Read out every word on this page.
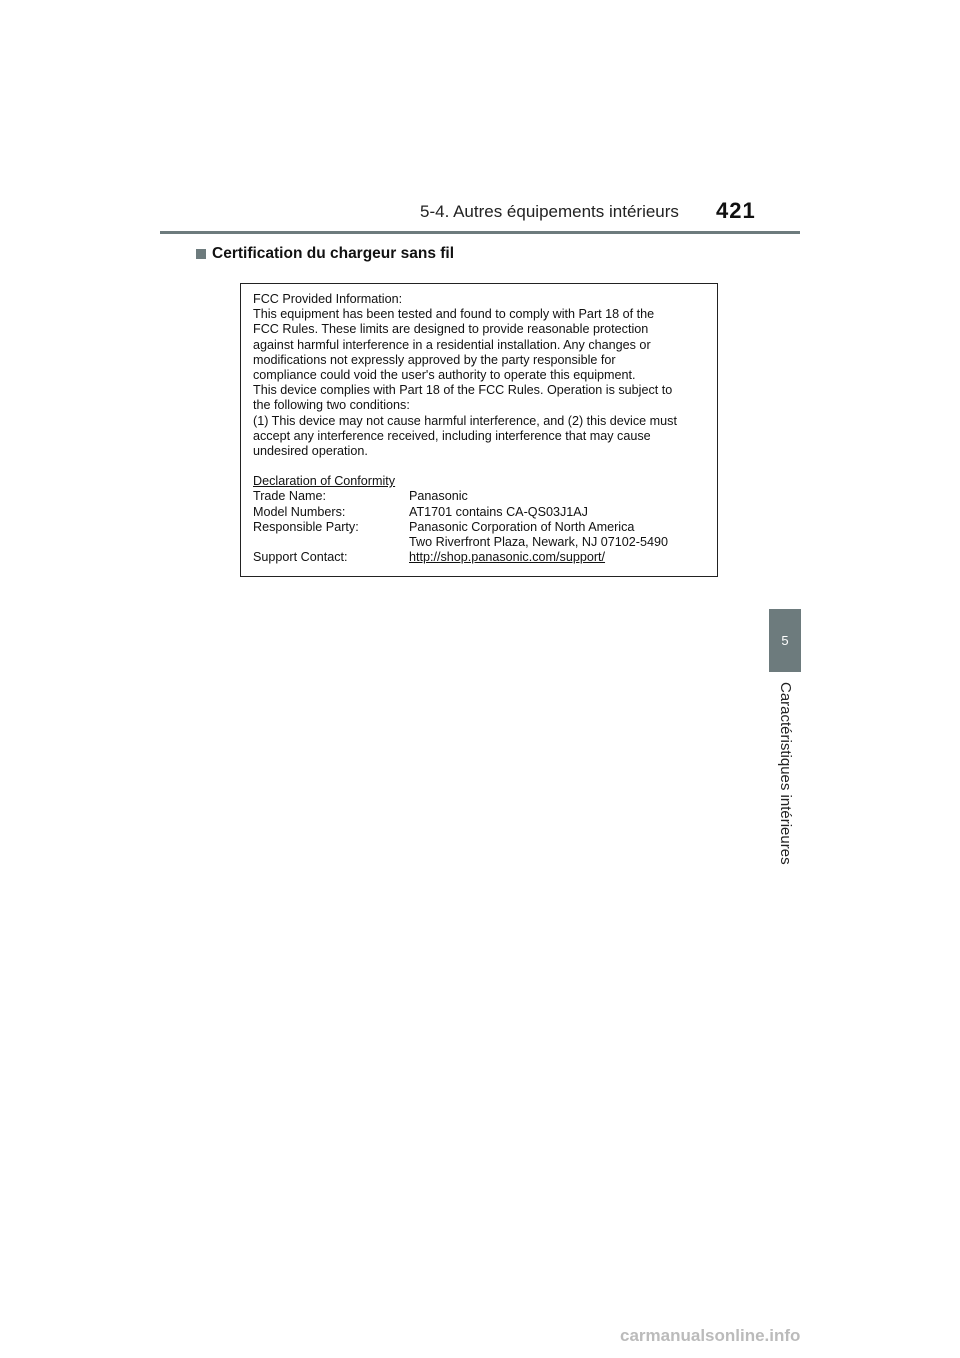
5-4. Autres équipements intérieurs 421
Certification du chargeur sans fil
FCC Provided Information:
This equipment has been tested and found to comply with Part 18 of the
FCC Rules. These limits are designed to provide reasonable protection
against harmful interference in a residential installation. Any changes or
modifications not expressly approved by the party responsible for
compliance could void the user's authority to operate this equipment.
This device complies with Part 18 of the FCC Rules. Operation is subject to
the following two conditions:
(1) This device may not cause harmful interference, and (2) this device must
accept any interference received, including interference that may cause
undesired operation.
Declaration of Conformity
Trade Name:	Panasonic
Model Numbers:	AT1701 contains CA-QS03J1AJ
Responsible Party:	Panasonic Corporation of North America
Two Riverfront Plaza, Newark, NJ 07102-5490
Support Contact:	http://shop.panasonic.com/support/
5
Caractéristiques intérieures
carmanualsonline.info
